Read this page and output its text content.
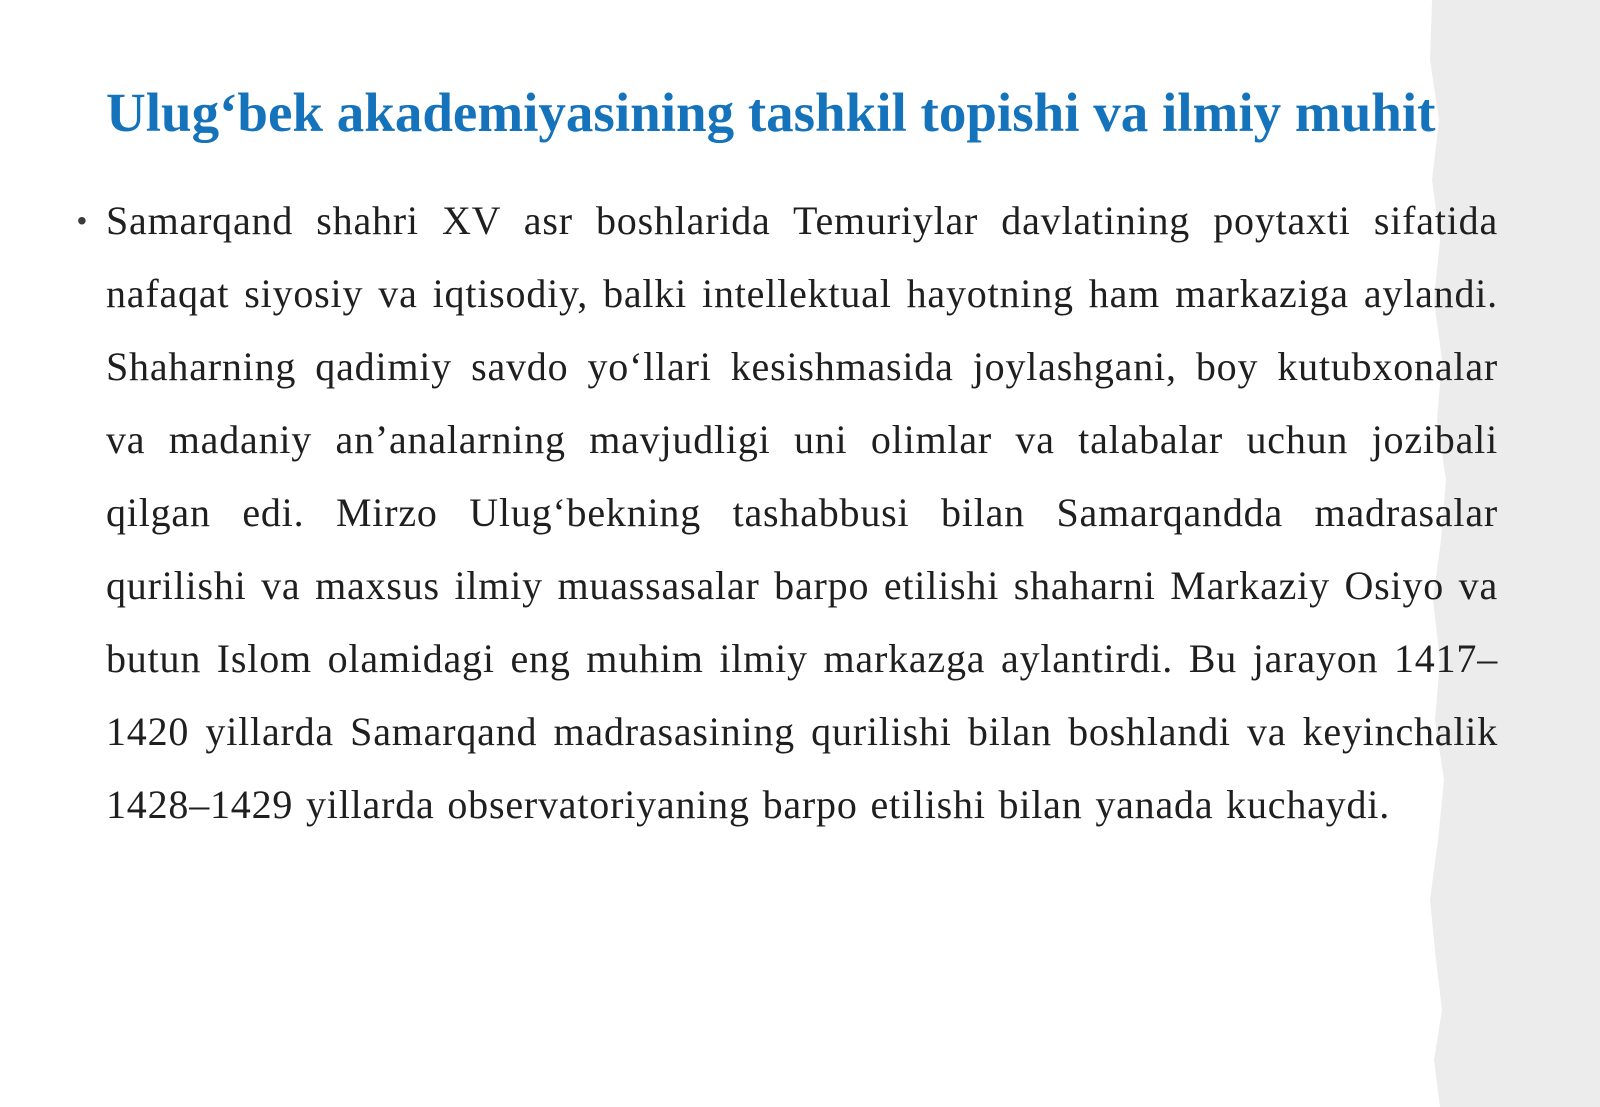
Ulug‘bek akademiyasining tashkil topishi va ilmiy muhit
• Samarqand shahri XV asr boshlarida Temuriylar davlatining poytaxti sifatida nafaqat siyosiy va iqtisodiy, balki intellektual hayotning ham markaziga aylandi. Shaharning qadimiy savdo yo‘llari kesishmasida joylashgani, boy kutubxonalar va madaniy an’analarning mavjudligi uni olimlar va talabalar uchun jozibali qilgan edi. Mirzo Ulug‘bekning tashabbusi bilan Samarqandda madrasalar qurilishi va maxsus ilmiy muassasalar barpo etilishi shaharni Markaziy Osiyo va butun Islom olamidagi eng muhim ilmiy markazga aylantirdi. Bu jarayon 1417–1420 yillarda Samarqand madrasasining qurilishi bilan boshlandi va keyinchalik 1428–1429 yillarda observatoriyaning barpo etilishi bilan yanada kuchaydi.
